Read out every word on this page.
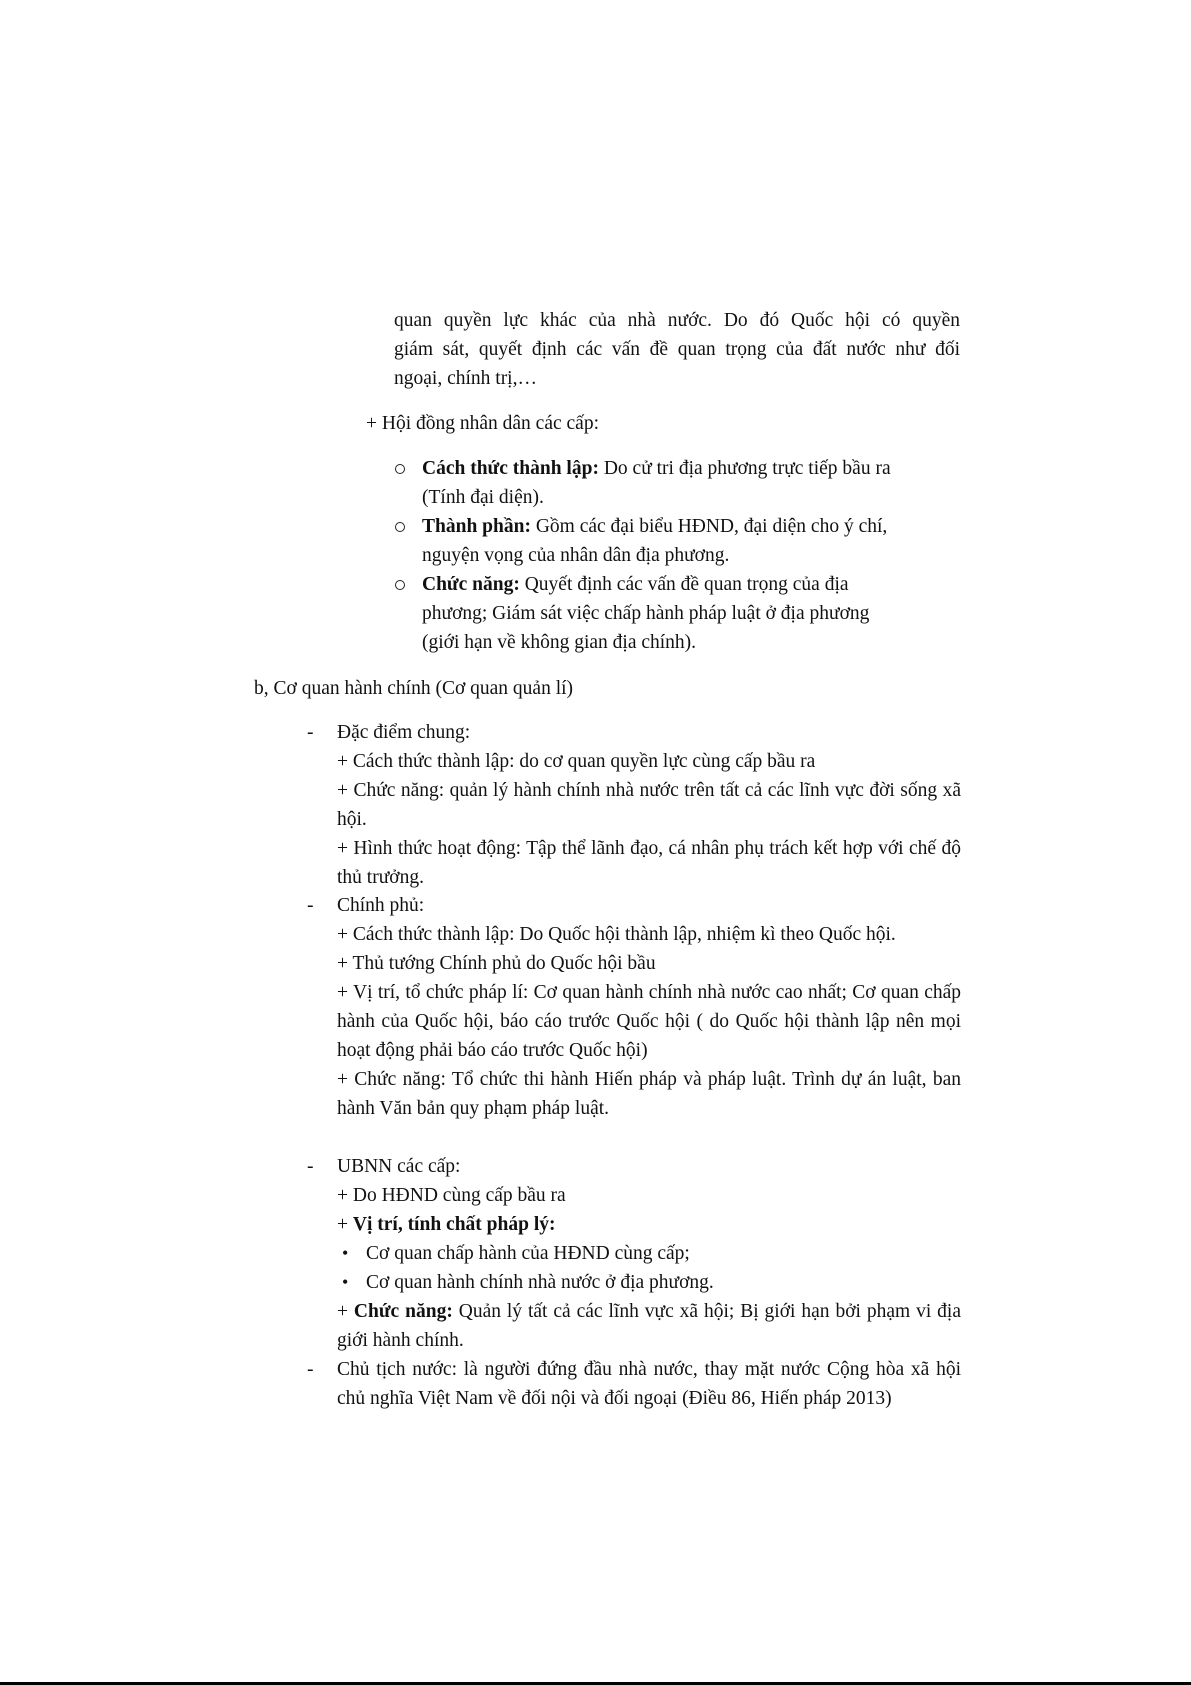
quan quyền lực khác của nhà nước. Do đó Quốc hội có quyền

giám sát, quyết định các vấn đề quan trọng của đất nước như đối

ngoại, chính trị,…

+ Hội đồng nhân dân các cấp:

Cách thức thành lập: Do cử tri địa phương trực tiếp bầu ra

(Tính đại diện).

Thành phần: Gồm các đại biểu HĐND, đại diện cho ý chí,

nguyện vọng của nhân dân địa phương.

Chức năng: Quyết định các vấn đề quan trọng của địa

phương; Giám sát việc chấp hành pháp luật ở địa phương

(giới hạn về không gian địa chính).

b, Cơ quan hành chính (Cơ quan quản lí)

- Đặc điểm chung:

+ Cách thức thành lập: do cơ quan quyền lực cùng cấp bầu ra

+ Chức năng: quản lý hành chính nhà nước trên tất cả các lĩnh vực đời sống xã hội.

+ Hình thức hoạt động: Tập thể lãnh đạo, cá nhân phụ trách kết hợp với chế độ thủ trưởng.

- Chính phủ:

+ Cách thức thành lập: Do Quốc hội thành lập, nhiệm kì theo Quốc hội.

+ Thủ tướng Chính phủ do Quốc hội bầu

+ Vị trí, tổ chức pháp lí: Cơ quan hành chính nhà nước cao nhất; Cơ quan chấp hành của Quốc hội, báo cáo trước Quốc hội ( do Quốc hội thành lập nên mọi hoạt động phải báo cáo trước Quốc hội)

+ Chức năng: Tổ chức thi hành Hiến pháp và pháp luật. Trình dự án luật, ban hành Văn bản quy phạm pháp luật.

- UBNN các cấp:

+ Do HĐND cùng cấp bầu ra

+ Vị trí, tính chất pháp lý:

• Cơ quan chấp hành của HĐND cùng cấp;

• Cơ quan hành chính nhà nước ở địa phương.

+ Chức năng: Quản lý tất cả các lĩnh vực xã hội; Bị giới hạn bởi phạm vi địa giới hành chính.

- Chủ tịch nước: là người đứng đầu nhà nước, thay mặt nước Cộng hòa xã hội chủ nghĩa Việt Nam về đối nội và đối ngoại (Điều 86, Hiến pháp 2013)
